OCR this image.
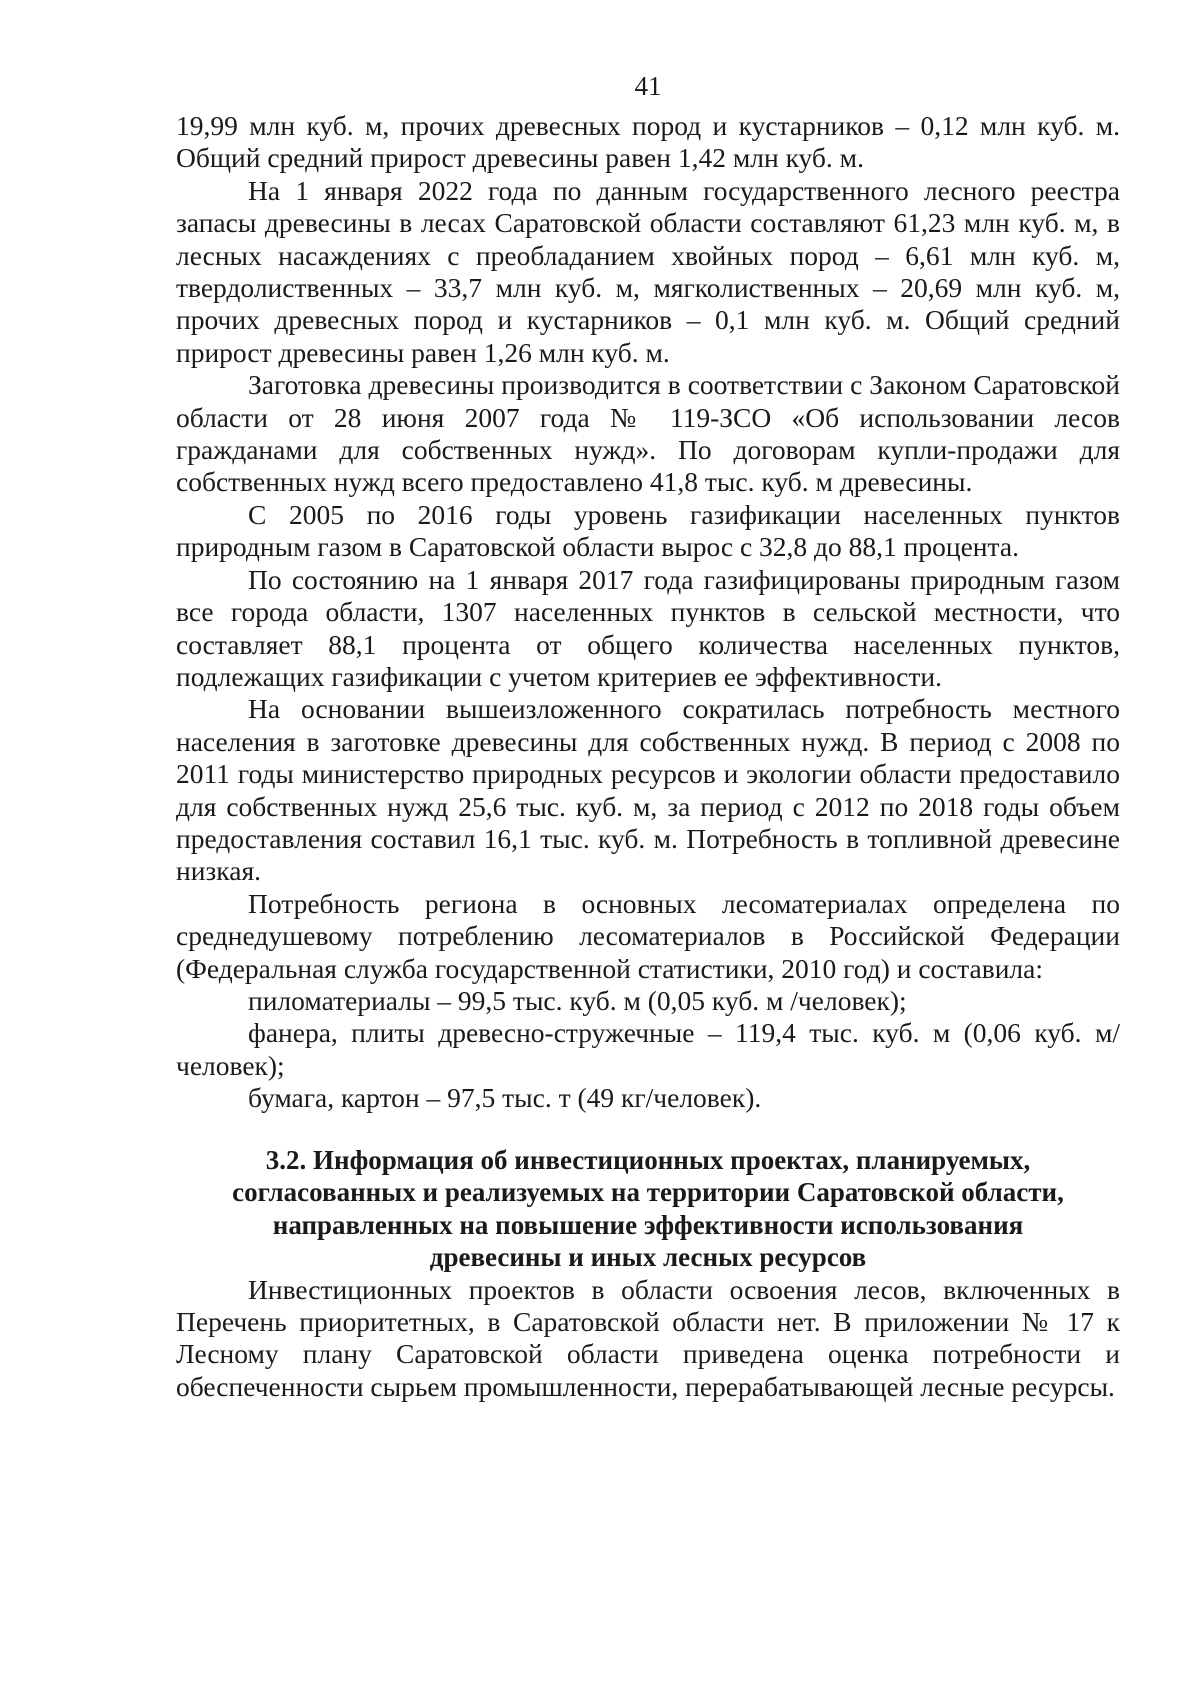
41

19,99 млн куб. м, прочих древесных пород и кустарников – 0,12 млн куб. м. Общий средний прирост древесины равен 1,42 млн куб. м.

На 1 января 2022 года по данным государственного лесного реестра запасы древесины в лесах Саратовской области составляют 61,23 млн куб. м, в лесных насаждениях с преобладанием хвойных пород – 6,61 млн куб. м, твердолиственных – 33,7 млн куб. м, мягколиственных – 20,69 млн куб. м, прочих древесных пород и кустарников – 0,1 млн куб. м. Общий средний прирост древесины равен 1,26 млн куб. м.

Заготовка древесины производится в соответствии с Законом Саратовской области от 28 июня 2007 года № 119-ЗСО «Об использовании лесов гражданами для собственных нужд». По договорам купли-продажи для собственных нужд всего предоставлено 41,8 тыс. куб. м древесины.

С 2005 по 2016 годы уровень газификации населенных пунктов природным газом в Саратовской области вырос с 32,8 до 88,1 процента.

По состоянию на 1 января 2017 года газифицированы природным газом все города области, 1307 населенных пунктов в сельской местности, что составляет 88,1 процента от общего количества населенных пунктов, подлежащих газификации с учетом критериев ее эффективности.

На основании вышеизложенного сократилась потребность местного населения в заготовке древесины для собственных нужд. В период с 2008 по 2011 годы министерство природных ресурсов и экологии области предоставило для собственных нужд 25,6 тыс. куб. м, за период с 2012 по 2018 годы объем предоставления составил 16,1 тыс. куб. м. Потребность в топливной древесине низкая.

Потребность региона в основных лесоматериалах определена по среднедушевому потреблению лесоматериалов в Российской Федерации (Федеральная служба государственной статистики, 2010 год) и составила:

пиломатериалы – 99,5 тыс. куб. м (0,05 куб. м /человек);

фанера, плиты древесно-стружечные – 119,4 тыс. куб. м (0,06 куб. м/ человек);

бумага, картон – 97,5 тыс. т (49 кг/человек).

3.2. Информация об инвестиционных проектах, планируемых, согласованных и реализуемых на территории Саратовской области, направленных на повышение эффективности использования древесины и иных лесных ресурсов

Инвестиционных проектов в области освоения лесов, включенных в Перечень приоритетных, в Саратовской области нет. В приложении № 17 к Лесному плану Саратовской области приведена оценка потребности и обеспеченности сырьем промышленности, перерабатывающей лесные ресурсы.
